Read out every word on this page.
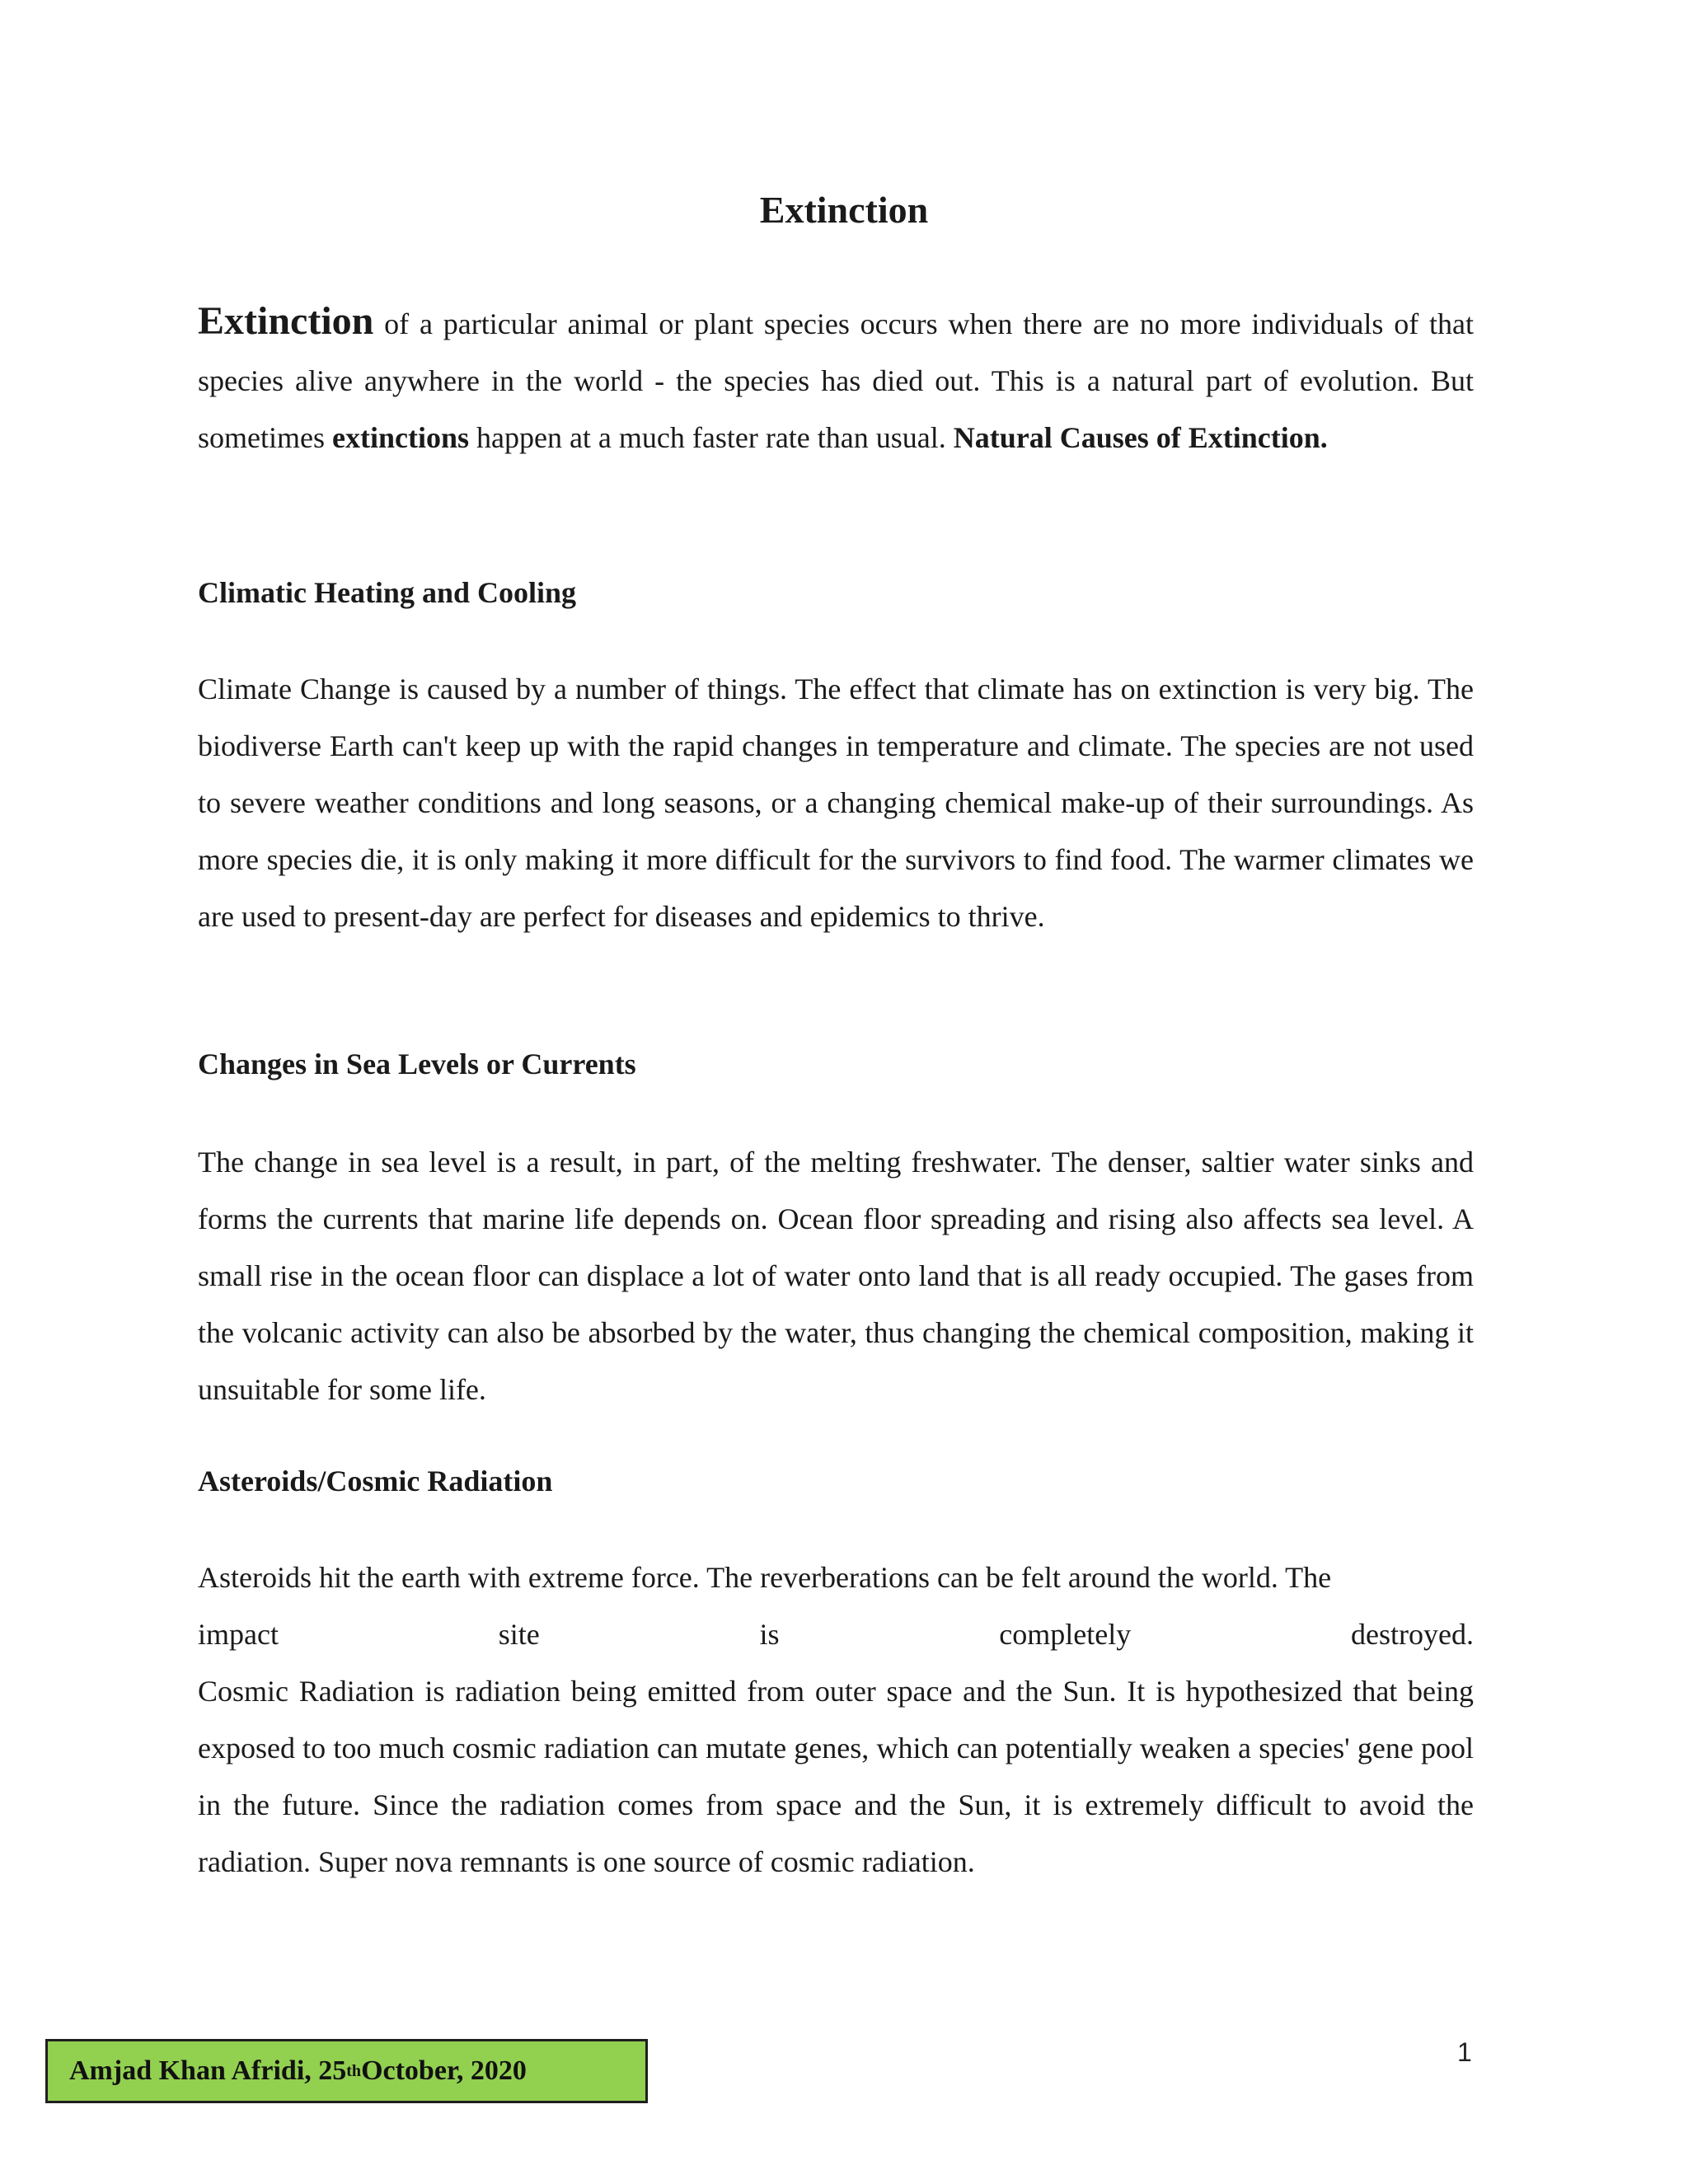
Extinction

Extinction of a particular animal or plant species occurs when there are no more individuals of that species alive anywhere in the world - the species has died out. This is a natural part of evolution. But sometimes extinctions happen at a much faster rate than usual. Natural Causes of Extinction.

Climatic Heating and Cooling

Climate Change is caused by a number of things. The effect that climate has on extinction is very big. The biodiverse Earth can't keep up with the rapid changes in temperature and climate. The species are not used to severe weather conditions and long seasons, or a changing chemical make-up of their surroundings. As more species die, it is only making it more difficult for the survivors to find food. The warmer climates we are used to present-day are perfect for diseases and epidemics to thrive.

Changes in Sea Levels or Currents

The change in sea level is a result, in part, of the melting freshwater. The denser, saltier water sinks and forms the currents that marine life depends on. Ocean floor spreading and rising also affects sea level. A small rise in the ocean floor can displace a lot of water onto land that is all ready occupied. The gases from the volcanic activity can also be absorbed by the water, thus changing the chemical composition, making it unsuitable for some life.

Asteroids/Cosmic Radiation
Asteroids hit the earth with extreme force. The reverberations can be felt around the world. The
impact	site	is	completely	destroyed.
Cosmic Radiation is radiation being emitted from outer space and the Sun. It is hypothesized that being exposed to too much cosmic radiation can mutate genes, which can potentially weaken a species' gene pool in the future. Since the radiation comes from space and the Sun, it is extremely difficult to avoid the radiation. Super nova remnants is one source of cosmic radiation.
1
Amjad Khan Afridi, 25 th October, 2020
